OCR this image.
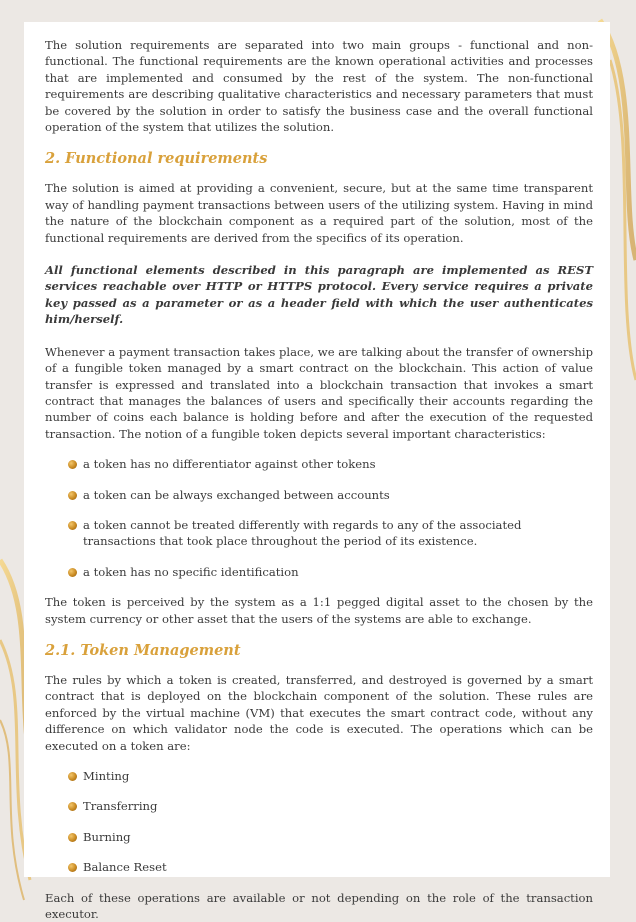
The solution requirements are separated into two main groups - functional and non-functional. The functional requirements are the known operational activities and processes that are implemented and consumed by the rest of the system. The non-functional requirements are describing qualitative characteristics and necessary parameters that must be covered by the solution in order to satisfy the business case and the overall functional operation of the system that utilizes the solution.

2. Functional requirements

The solution is aimed at providing a convenient, secure, but at the same time transparent way of handling payment transactions between users of the utilizing system. Having in mind the nature of the blockchain component as a required part of the solution, most of the functional requirements are derived from the specifics of its operation.

All functional elements described in this paragraph are implemented as REST services reachable over HTTP or HTTPS protocol. Every service requires a private key passed as a parameter or as a header field with which the user authenticates him/herself.

Whenever a payment transaction takes place, we are talking about the transfer of ownership of a fungible token managed by a smart contract on the blockchain. This action of value transfer is expressed and translated into a blockchain transaction that invokes a smart contract that manages the balances of users and specifically their accounts regarding the number of coins each balance is holding before and after the execution of the requested transaction. The notion of a fungible token depicts several important characteristics:

a token has no differentiator against other tokens
a token can be always exchanged between accounts
a token cannot be treated differently with regards to any of the associated transactions that took place throughout the period of its existence.
a token has no specific identification

The token is perceived by the system as a 1:1 pegged digital asset to the chosen by the system currency or other asset that the users of the systems are able to exchange.

2.1. Token Management

The rules by which a token is created, transferred, and destroyed is governed by a smart contract that is deployed on the blockchain component of the solution. These rules are enforced by the virtual machine (VM) that executes the smart contract code, without any difference on which validator node the code is executed. The operations which can be executed on a token are:

Minting
Transferring
Burning
Balance Reset

Each of these operations are available or not depending on the role of the transaction executor.
